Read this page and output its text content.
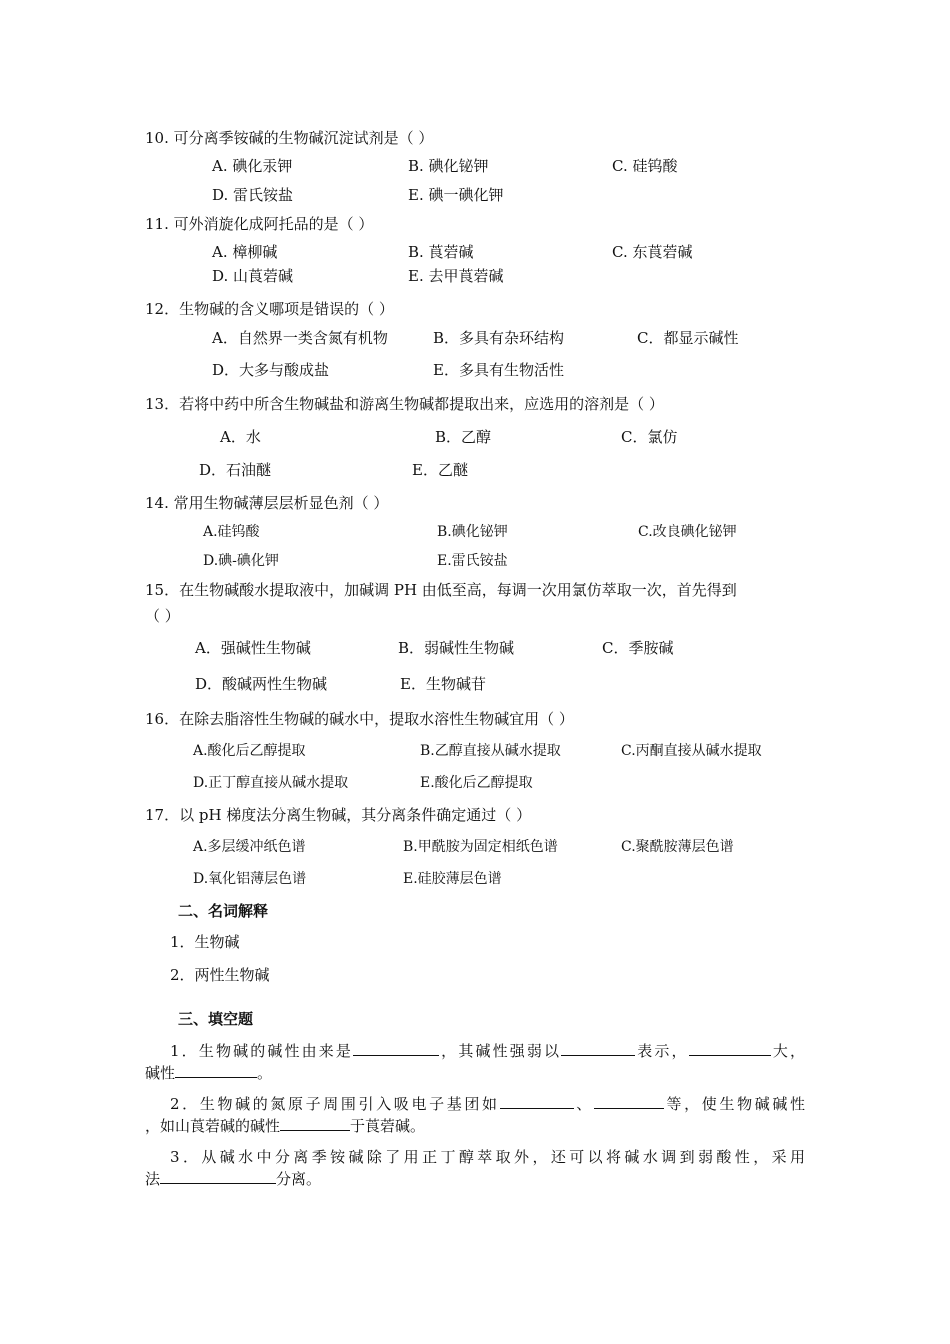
10. 可分离季铵碱的生物碱沉淀试剂是（ ）
A. 碘化汞钾	B. 碘化铋钾	C. 硅钨酸
D. 雷氏铵盐	E. 碘一碘化钾
11. 可外消旋化成阿托品的是（ ）
A. 樟柳碱	B. 莨菪碱	C. 东莨菪碱
D. 山莨菪碱	E. 去甲莨菪碱
12．生物碱的含义哪项是错误的（ ）
A．自然界一类含氮有机物	B．多具有杂环结构	C．都显示碱性
D．大多与酸成盐	E．多具有生物活性
13．若将中药中所含生物碱盐和游离生物碱都提取出来，应选用的溶剂是（ ）
A．水	B．乙醇	C．氯仿
D．石油醚	E．乙醚
14. 常用生物碱薄层层析显色剂（ ）
A.硅钨酸	B.碘化铋钾	C.改良碘化铋钾
D.碘-碘化钾	E.雷氏铵盐
15．在生物碱酸水提取液中，加碱调 PH 由低至高，每调一次用氯仿萃取一次，首先得到
（ ）
A．强碱性生物碱	B．弱碱性生物碱	C．季胺碱
D．酸碱两性生物碱	E．生物碱苷
16．在除去脂溶性生物碱的碱水中，提取水溶性生物碱宜用（ ）
A.酸化后乙醇提取	B.乙醇直接从碱水提取	C.丙酮直接从碱水提取
D.正丁醇直接从碱水提取	E.酸化后乙醇提取
17．以 pH 梯度法分离生物碱，其分离条件确定通过（ ）
A.多层缓冲纸色谱	B.甲酰胺为固定相纸色谱	C.聚酰胺薄层色谱
D.氧化铝薄层色谱	E.硅胶薄层色谱
二、名词解释
1．生物碱
2．两性生物碱
三、填空题
1．生物碱的碱性由来是	，其碱性强弱以	表示，	大，
碱性	。
2．生物碱的氮原子周围引入吸电子基团如	、	等，使生物碱碱性
，如山莨菪碱的碱性	于莨菪碱。
3．从碱水中分离季铵碱除了用正丁醇萃取外，还可以将碱水调到弱酸性，采用
法	分离。
